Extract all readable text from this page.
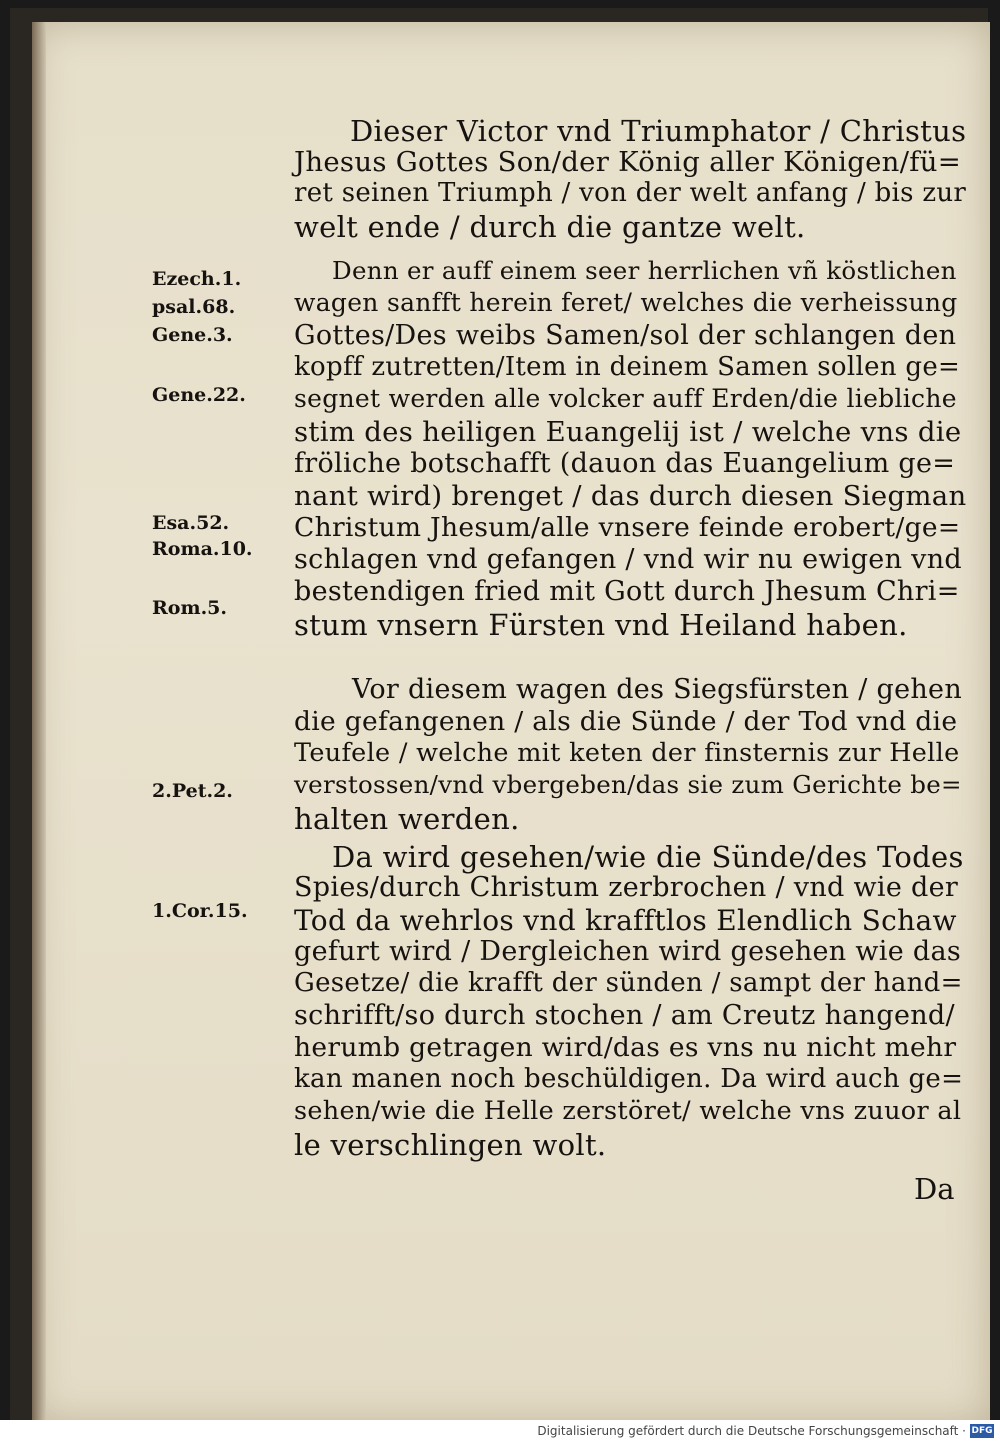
Ezech.1.
psal.68.
Gene.3.
Gene.22.
Esa.52.
Roma.10.
Rom.5.
2.Pet.2.
1.Cor.15.
Dieser Victor vnd Triumphator / Christus
Jhesus Gottes Son/der König aller Königen/fü=
ret seinen Triumph / von der welt anfang / bis zur
welt ende / durch die gantze welt.
Denn er auff einem seer herrlichen vñ köstlichen
wagen sanfft herein feret/ welches die verheissung
Gottes/Des weibs Samen/sol der schlangen den
kopff zutretten/Item in deinem Samen sollen ge=
segnet werden alle volcker auff Erden/die liebliche
stim des heiligen Euangelij ist / welche vns die
fröliche botschafft (dauon das Euangelium ge=
nant wird) brenget / das durch diesen Siegman
Christum Jhesum/alle vnsere feinde erobert/ge=
schlagen vnd gefangen / vnd wir nu ewigen vnd
bestendigen fried mit Gott durch Jhesum Chri=
stum vnsern Fürsten vnd Heiland haben.
Vor diesem wagen des Siegsfürsten / gehen
die gefangenen / als die Sünde / der Tod vnd die
Teufele / welche mit keten der finsternis zur Helle
verstossen/vnd vbergeben/das sie zum Gerichte be=
halten werden.
Da wird gesehen/wie die Sünde/des Todes
Spies/durch Christum zerbrochen / vnd wie der
Tod da wehrlos vnd krafftlos Elendlich Schaw
gefurt wird / Dergleichen wird gesehen wie das
Gesetze/ die krafft der sünden / sampt der hand=
schrifft/so durch stochen / am Creutz hangend/
herumb getragen wird/das es vns nu nicht mehr
kan manen noch beschüldigen. Da wird auch ge=
sehen/wie die Helle zerstöret/ welche vns zuuor al
le verschlingen wolt.
Da
Digitalisierung gefördert durch die Deutsche Forschungsgemeinschaft · DFG
